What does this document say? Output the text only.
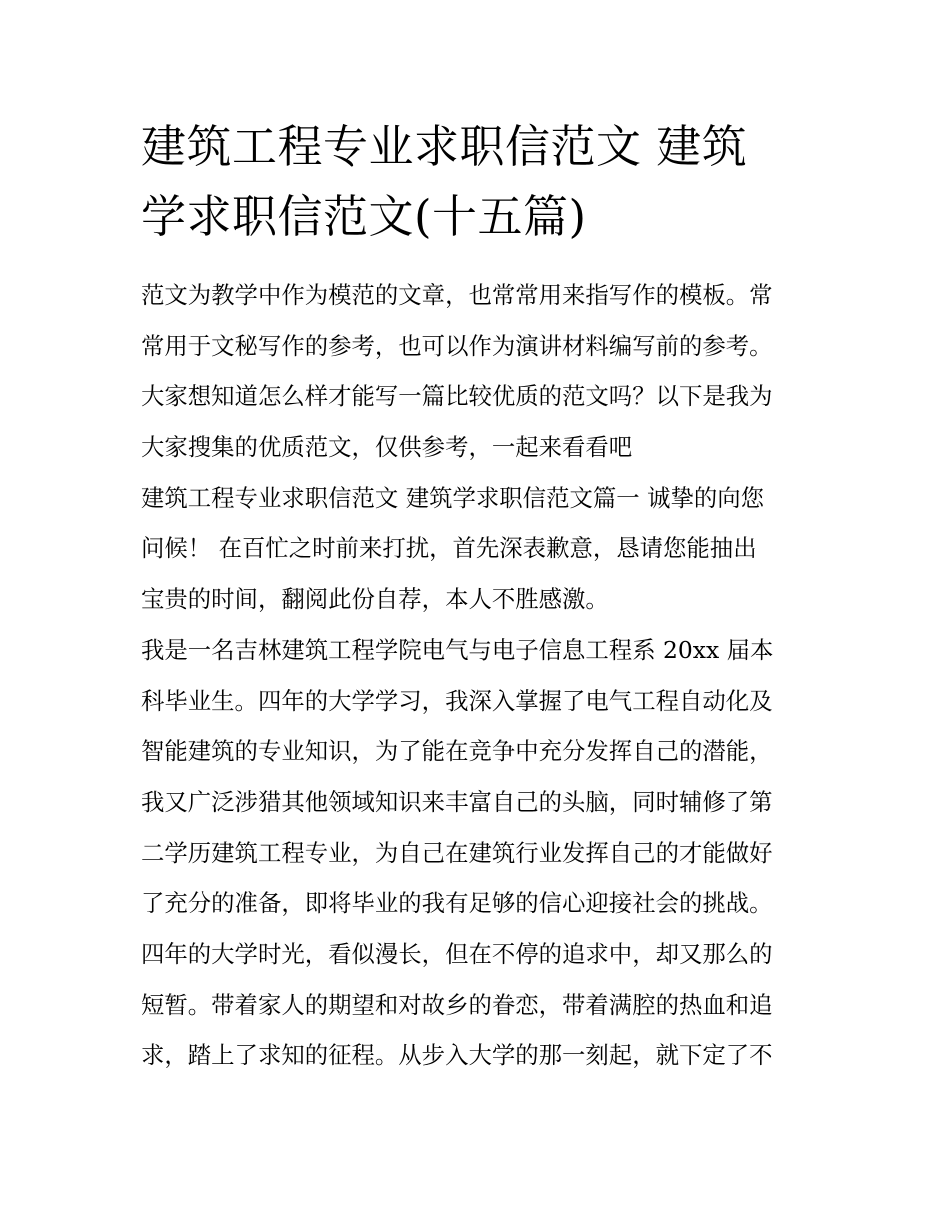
建筑工程专业求职信范文 建筑
学求职信范文(十五篇)
范文为教学中作为模范的文章，也常常用来指写作的模板。常
常用于文秘写作的参考，也可以作为演讲材料编写前的参考。
大家想知道怎么样才能写一篇比较优质的范文吗？以下是我为
大家搜集的优质范文，仅供参考，一起来看看吧
建筑工程专业求职信范文 建筑学求职信范文篇一 诚挚的向您
问候！ 在百忙之时前来打扰，首先深表歉意，恳请您能抽出
宝贵的时间，翻阅此份自荐，本人不胜感激。
我是一名吉林建筑工程学院电气与电子信息工程系 20xx 届本
科毕业生。四年的大学学习，我深入掌握了电气工程自动化及
智能建筑的专业知识，为了能在竞争中充分发挥自己的潜能，
我又广泛涉猎其他领域知识来丰富自己的头脑，同时辅修了第
二学历建筑工程专业，为自己在建筑行业发挥自己的才能做好
了充分的准备，即将毕业的我有足够的信心迎接社会的挑战。
四年的大学时光，看似漫长，但在不停的追求中，却又那么的
短暂。带着家人的期望和对故乡的眷恋，带着满腔的热血和追
求，踏上了求知的征程。从步入大学的那一刻起，就下定了不
